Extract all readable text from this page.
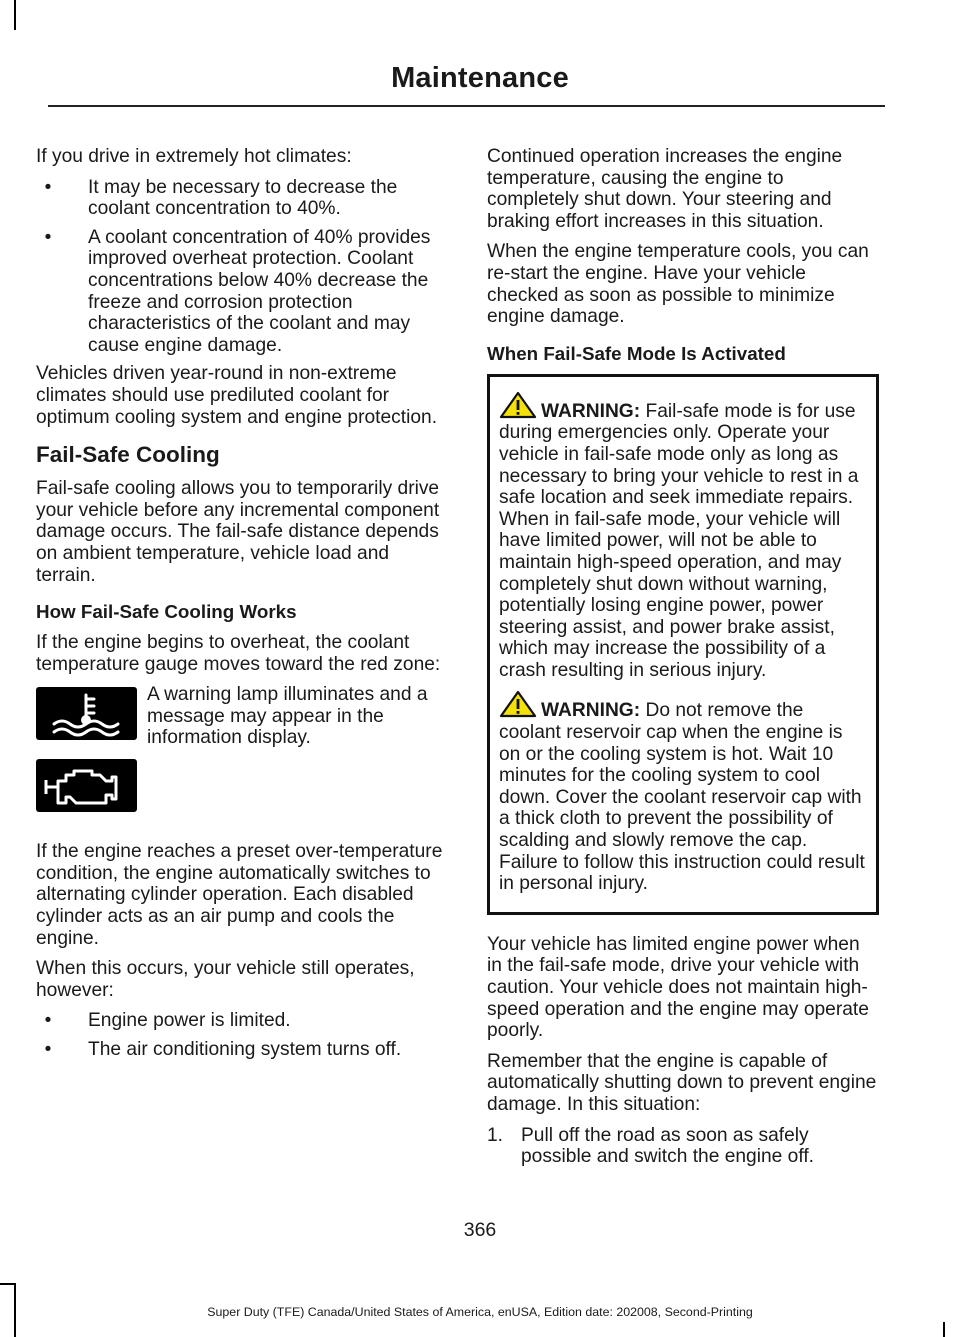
Maintenance

If you drive in extremely hot climates:

•	It may be necessary to decrease the coolant concentration to 40%.
•	A coolant concentration of 40% provides improved overheat protection. Coolant concentrations below 40% decrease the freeze and corrosion protection characteristics of the coolant and may cause engine damage.

Vehicles driven year-round in non-extreme climates should use prediluted coolant for optimum cooling system and engine protection.

Fail-Safe Cooling

Fail-safe cooling allows you to temporarily drive your vehicle before any incremental component damage occurs. The fail-safe distance depends on ambient temperature, vehicle load and terrain.

How Fail-Safe Cooling Works

If the engine begins to overheat, the coolant temperature gauge moves toward the red zone:

A warning lamp illuminates and a message may appear in the information display.

If the engine reaches a preset over-temperature condition, the engine automatically switches to alternating cylinder operation. Each disabled cylinder acts as an air pump and cools the engine.

When this occurs, your vehicle still operates, however:

•	Engine power is limited.
•	The air conditioning system turns off.

Continued operation increases the engine temperature, causing the engine to completely shut down. Your steering and braking effort increases in this situation.

When the engine temperature cools, you can re-start the engine. Have your vehicle checked as soon as possible to minimize engine damage.

When Fail-Safe Mode Is Activated
WARNING: Fail-safe mode is for use during emergencies only. Operate your vehicle in fail-safe mode only as long as necessary to bring your vehicle to rest in a safe location and seek immediate repairs. When in fail-safe mode, your vehicle will have limited power, will not be able to maintain high-speed operation, and may completely shut down without warning, potentially losing engine power, power steering assist, and power brake assist, which may increase the possibility of a crash resulting in serious injury.
WARNING: Do not remove the coolant reservoir cap when the engine is on or the cooling system is hot. Wait 10 minutes for the cooling system to cool down. Cover the coolant reservoir cap with a thick cloth to prevent the possibility of scalding and slowly remove the cap. Failure to follow this instruction could result in personal injury.

Your vehicle has limited engine power when in the fail-safe mode, drive your vehicle with caution. Your vehicle does not maintain high-speed operation and the engine may operate poorly.

Remember that the engine is capable of automatically shutting down to prevent engine damage. In this situation:

1. Pull off the road as soon as safely possible and switch the engine off.
366
Super Duty (TFE) Canada/United States of America, enUSA, Edition date: 202008, Second-Printing
